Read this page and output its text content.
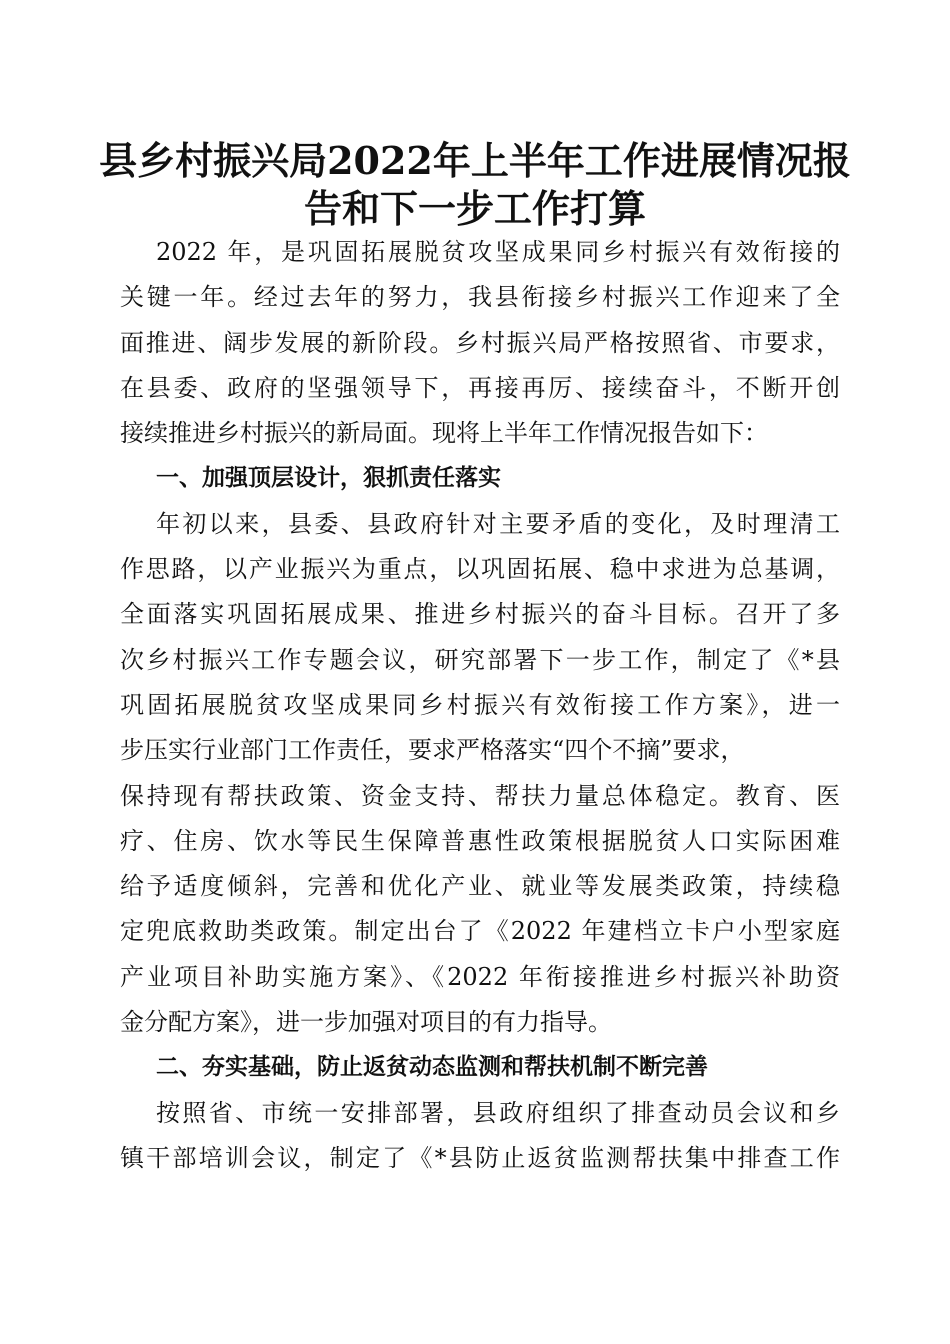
县乡村振兴局2022年上半年工作进展情况报
告和下一步工作打算
2022 年，是巩固拓展脱贫攻坚成果同乡村振兴有效衔接的
关键一年。经过去年的努力，我县衔接乡村振兴工作迎来了全
面推进、阔步发展的新阶段。乡村振兴局严格按照省、市要求，
在县委、政府的坚强领导下，再接再厉、接续奋斗，不断开创
接续推进乡村振兴的新局面。现将上半年工作情况报告如下：
一、加强顶层设计，狠抓责任落实
年初以来，县委、县政府针对主要矛盾的变化，及时理清工
作思路，以产业振兴为重点，以巩固拓展、稳中求进为总基调，
全面落实巩固拓展成果、推进乡村振兴的奋斗目标。召开了多
次乡村振兴工作专题会议，研究部署下一步工作，制定了《*县
巩固拓展脱贫攻坚成果同乡村振兴有效衔接工作方案》，进一
步压实行业部门工作责任，要求严格落实“四个不摘”要求，
保持现有帮扶政策、资金支持、帮扶力量总体稳定。教育、医
疗、住房、饮水等民生保障普惠性政策根据脱贫人口实际困难
给予适度倾斜，完善和优化产业、就业等发展类政策，持续稳
定兜底救助类政策。制定出台了《2022 年建档立卡户小型家庭
产业项目补助实施方案》、《2022 年衔接推进乡村振兴补助资
金分配方案》，进一步加强对项目的有力指导。
二、夯实基础，防止返贫动态监测和帮扶机制不断完善
按照省、市统一安排部署，县政府组织了排查动员会议和乡
镇干部培训会议，制定了《*县防止返贫监测帮扶集中排查工作
